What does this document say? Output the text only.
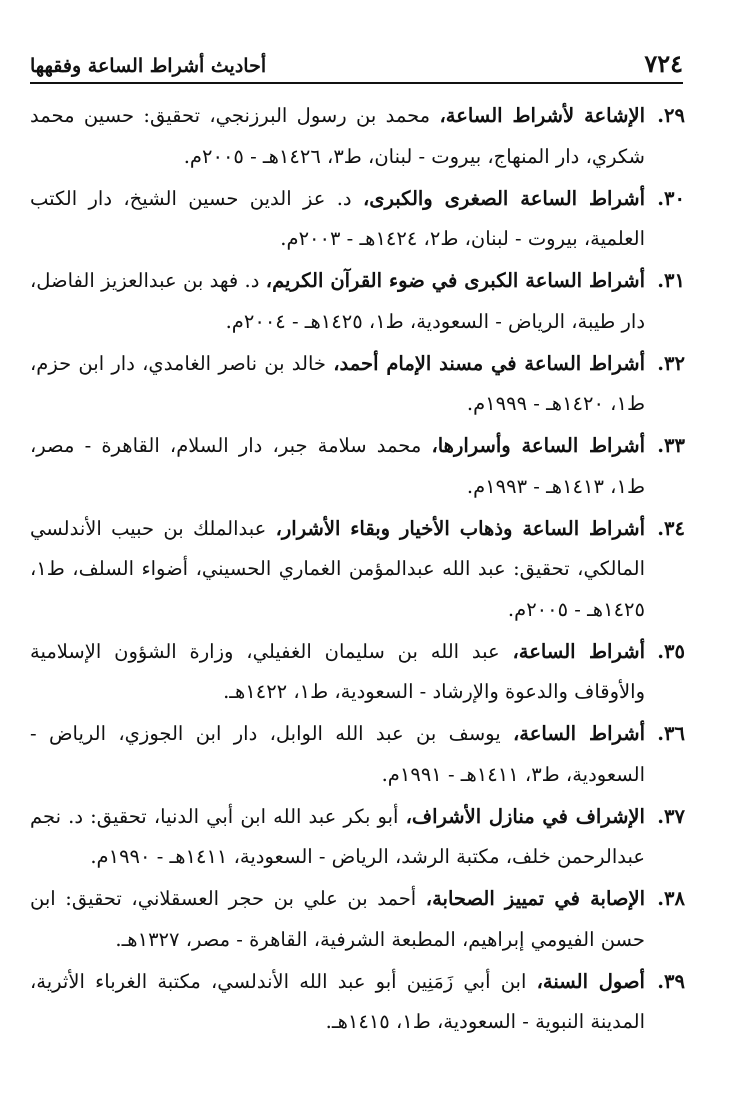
٧٢٤
أحاديث أشراط الساعة وفقهها
٢٩.
الإشاعة لأشراط الساعة، محمد بن رسول البرزنجي، تحقيق: حسين محمد شكري، دار المنهاج، بيروت - لبنان، ط٣، ١٤٢٦هـ - ٢٠٠٥م.
٣٠.
أشراط الساعة الصغرى والكبرى، د. عز الدين حسين الشيخ، دار الكتب العلمية، بيروت - لبنان، ط٢، ١٤٢٤هـ - ٢٠٠٣م.
٣١.
أشراط الساعة الكبرى في ضوء القرآن الكريم، د. فهد بن عبدالعزيز الفاضل، دار طيبة، الرياض - السعودية، ط١، ١٤٢٥هـ - ٢٠٠٤م.
٣٢.
أشراط الساعة في مسند الإمام أحمد، خالد بن ناصر الغامدي، دار ابن حزم، ط١، ١٤٢٠هـ - ١٩٩٩م.
٣٣.
أشراط الساعة وأسرارها، محمد سلامة جبر، دار السلام، القاهرة - مصر، ط١، ١٤١٣هـ - ١٩٩٣م.
٣٤.
أشراط الساعة وذهاب الأخيار وبقاء الأشرار، عبدالملك بن حبيب الأندلسي المالكي، تحقيق: عبد الله عبدالمؤمن الغماري الحسيني، أضواء السلف، ط١، ١٤٢٥هـ - ٢٠٠٥م.
٣٥.
أشراط الساعة، عبد الله بن سليمان الغفيلي، وزارة الشؤون الإسلامية والأوقاف والدعوة والإرشاد - السعودية، ط١، ١٤٢٢هـ.
٣٦.
أشراط الساعة، يوسف بن عبد الله الوابل، دار ابن الجوزي، الرياض - السعودية، ط٣، ١٤١١هـ - ١٩٩١م.
٣٧.
الإشراف في منازل الأشراف، أبو بكر عبد الله ابن أبي الدنيا، تحقيق: د. نجم عبدالرحمن خلف، مكتبة الرشد، الرياض - السعودية، ١٤١١هـ - ١٩٩٠م.
٣٨.
الإصابة في تمييز الصحابة، أحمد بن علي بن حجر العسقلاني، تحقيق: ابن حسن الفيومي إبراهيم، المطبعة الشرفية، القاهرة - مصر، ١٣٢٧هـ.
٣٩.
أصول السنة، ابن أبي زَمَنِين أبو عبد الله الأندلسي، مكتبة الغرباء الأثرية، المدينة النبوية - السعودية، ط١، ١٤١٥هـ.
